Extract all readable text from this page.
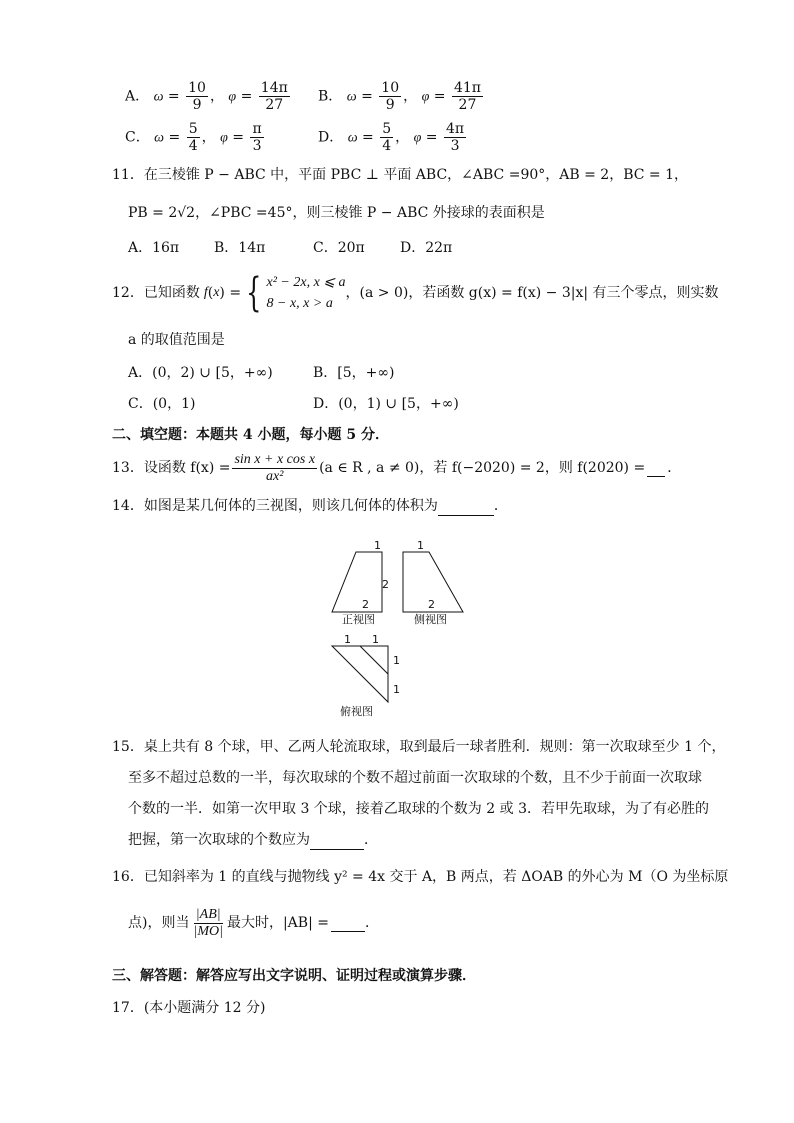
A． $\omega = \frac{10}{9}$ ， $\varphi = \frac{14\pi}{27}$ B． $\omega = \frac{10}{9}$ ， $\varphi = \frac{41\pi}{27}$
C． $\omega = \frac{5}{4}$ ， $\varphi = \frac{\pi}{3}$	D． $\omega = \frac{5}{4}$ ， $\varphi = \frac{4\pi}{3}$
11．在三棱锥 P − ABC 中，平面 PBC ⊥ 平面 ABC，∠ABC =90°，AB = 2，BC = 1，
PB = 2√2，∠PBC =45°，则三棱锥 P − ABC 外接球的表面积是
A．16π B．14π	C．20π	D．22π
12． 已知函数 f ( x ) = { x² − 2x, x ⩽ a
8 − x, x > a
，(a > 0)，若函数 g(x) = f(x) − 3|x| 有三个零点，则实数
a 的取值范围是
A．(0，2) ∪ [5，+∞)	B．[5，+∞)
C．(0，1)	D．(0，1) ∪ [5，+∞)
二、填空题：本题共 4 小题，每小题 5 分．
13． 设函数 $f(x) = \frac{\text{sin x + x cos x}}{\text{ax²}} (a$ ∈ R , a ≠ 0)，若 f(−2020) = 2，则 f(2020) =
．
14．如图是某几何体的三视图，则该几何体的体积为	．
1
2
2
1
2
1 1
1
1
正视图	侧视图
俯视图
15．桌上共有 8 个球，甲、乙两人轮流取球，取到最后一球者胜利．规则：第一次取球至少 1 个，
至多不超过总数的一半，每次取球的个数不超过前面一次取球的个数，且不少于前面一次取球
个数的一半．如第一次甲取 3 个球，接着乙取球的个数为 2 或 3．若甲先取球，为了有必胜的
把握，第一次取球的个数应为	．
16．已知斜率为 1 的直线与抛物线 y² = 4x 交于 A，B 两点，若 ΔOAB 的外心为 M（O 为坐标原
点)，则当 $\frac{|AB|}{|MO|}$ 最大时，|AB| =
	．
三、解答题：解答应写出文字说明、证明过程或演算步骤．
17．(本小题满分 12 分)
